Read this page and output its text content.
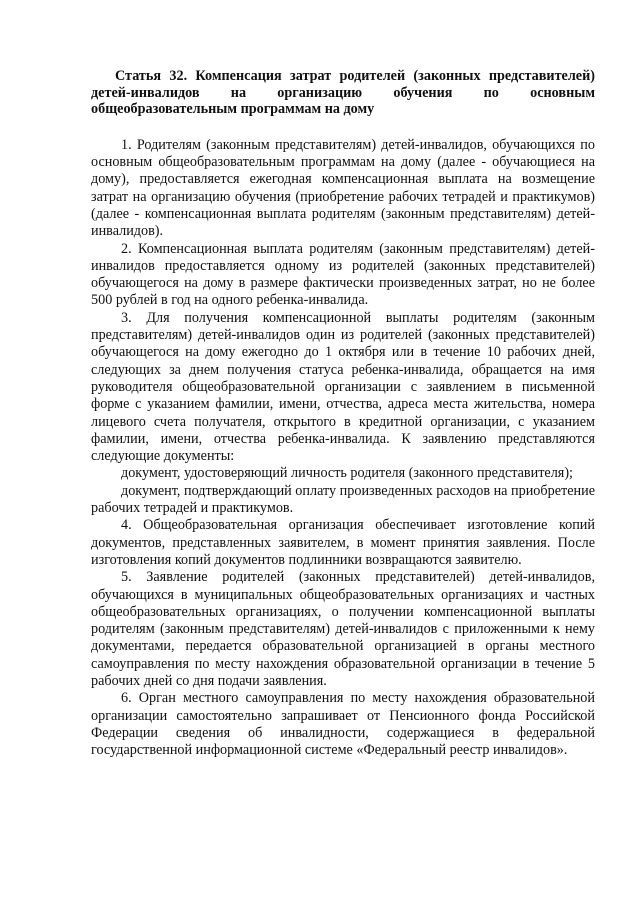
Статья 32. Компенсация затрат родителей (законных представителей) детей-инвалидов на организацию обучения по основным общеобразовательным программам на дому

1. Родителям (законным представителям) детей-инвалидов, обучающихся по основным общеобразовательным программам на дому (далее - обучающиеся на дому), предоставляется ежегодная компенсационная выплата на возмещение затрат на организацию обучения (приобретение рабочих тетрадей и практикумов) (далее - компенсационная выплата родителям (законным представителям) детей-инвалидов).

2. Компенсационная выплата родителям (законным представителям) детей-инвалидов предоставляется одному из родителей (законных представителей) обучающегося на дому в размере фактически произведенных затрат, но не более 500 рублей в год на одного ребенка-инвалида.

3. Для получения компенсационной выплаты родителям (законным представителям) детей-инвалидов один из родителей (законных представителей) обучающегося на дому ежегодно до 1 октября или в течение 10 рабочих дней, следующих за днем получения статуса ребенка-инвалида, обращается на имя руководителя общеобразовательной организации с заявлением в письменной форме с указанием фамилии, имени, отчества, адреса места жительства, номера лицевого счета получателя, открытого в кредитной организации, с указанием фамилии, имени, отчества ребенка-инвалида. К заявлению представляются следующие документы:

документ, удостоверяющий личность родителя (законного представителя);

документ, подтверждающий оплату произведенных расходов на приобретение рабочих тетрадей и практикумов.

4. Общеобразовательная организация обеспечивает изготовление копий документов, представленных заявителем, в момент принятия заявления. После изготовления копий документов подлинники возвращаются заявителю.

5. Заявление родителей (законных представителей) детей-инвалидов, обучающихся в муниципальных общеобразовательных организациях и частных общеобразовательных организациях, о получении компенсационной выплаты родителям (законным представителям) детей-инвалидов с приложенными к нему документами, передается образовательной организацией в органы местного самоуправления по месту нахождения образовательной организации в течение 5 рабочих дней со дня подачи заявления.

6. Орган местного самоуправления по месту нахождения образовательной организации самостоятельно запрашивает от Пенсионного фонда Российской Федерации сведения об инвалидности, содержащиеся в федеральной государственной информационной системе «Федеральный реестр инвалидов».
